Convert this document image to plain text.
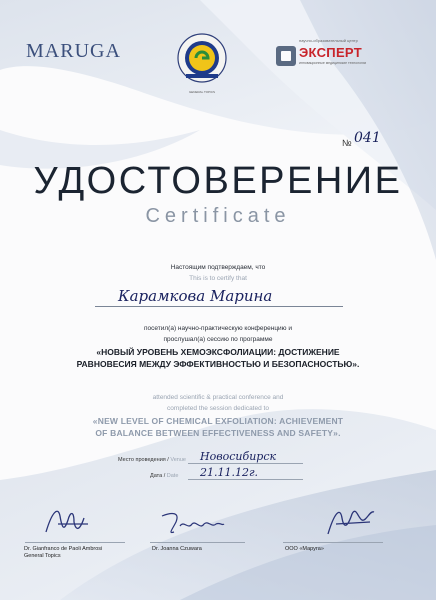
MARUGA
GENERAL TOPICS
научно-образовательный центр
ЭКСПЕРТ
инновационные медицинские технологии
№ 041
УДОСТОВЕРЕНИЕ
Certificate
Настоящим подтверждаем, что
This is to certify that
Карамкова Марина
посетил(а) научно-практическую конференцию и
прослушал(а) сессию по программе
«НОВЫЙ УРОВЕНЬ ХЕМОЭКСФОЛИАЦИИ: ДОСТИЖЕНИЕ
РАВНОВЕСИЯ МЕЖДУ ЭФФЕКТИВНОСТЬЮ И БЕЗОПАСНОСТЬЮ».
attended scientific & practical conference and
completed the session dedicated to
«NEW LEVEL OF CHEMICAL EXFOLIATION: ACHIEVEMENT
OF BALANCE BETWEEN EFFECTIVENESS AND SAFETY».
Место проведения / Venue Новосибирск
Дата / Date 21.11.12г.
Dr. Gianfranco de Paoli Ambrosi
General Topics
Dr. Joanna Czuwara	ООО «Маруга»
